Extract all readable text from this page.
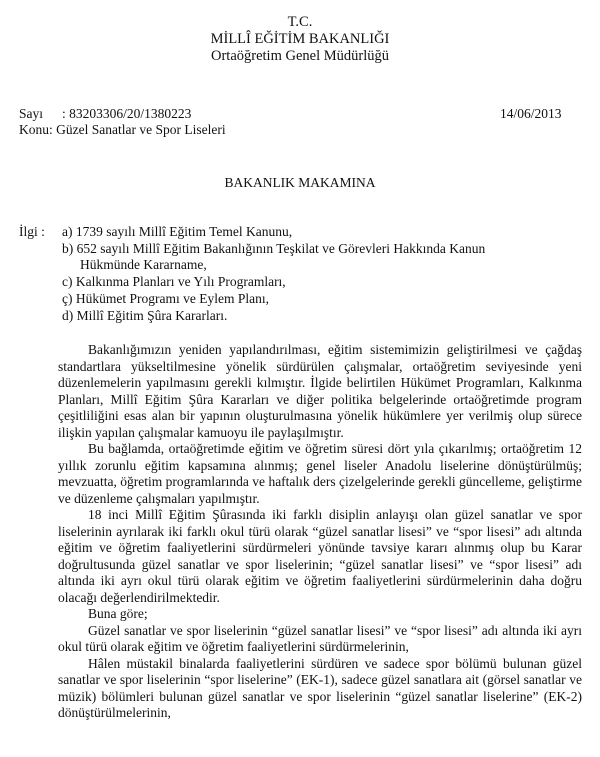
T.C.
MİLLÎ EĞİTİM BAKANLIĞI
Ortaöğretim Genel Müdürlüğü
Sayı : 83203306/20/1380223	14/06/2013
Konu: Güzel Sanatlar ve Spor Liseleri
BAKANLIK MAKAMINA
İlgi : a) 1739 sayılı Millî Eğitim Temel Kanunu,
b) 652 sayılı Millî Eğitim Bakanlığının Teşkilat ve Görevleri Hakkında Kanun
Hükmünde Kararname,
c) Kalkınma Planları ve Yılı Programları,
ç) Hükümet Programı ve Eylem Planı,
d) Millî Eğitim Şûra Kararları.

Bakanlığımızın yeniden yapılandırılması, eğitim sistemimizin geliştirilmesi ve çağdaş standartlara yükseltilmesine yönelik sürdürülen çalışmalar, ortaöğretim seviyesinde yeni düzenlemelerin yapılmasını gerekli kılmıştır. İlgide belirtilen Hükümet Programları, Kalkınma Planları, Millî Eğitim Şûra Kararları ve diğer politika belgelerinde ortaöğretimde program çeşitliliğini esas alan bir yapının oluşturulmasına yönelik hükümlere yer verilmiş olup sürece ilişkin yapılan çalışmalar kamuoyu ile paylaşılmıştır.

Bu bağlamda, ortaöğretimde eğitim ve öğretim süresi dört yıla çıkarılmış; ortaöğretim 12 yıllık zorunlu eğitim kapsamına alınmış; genel liseler Anadolu liselerine dönüştürülmüş; mevzuatta, öğretim programlarında ve haftalık ders çizelgelerinde gerekli güncelleme, geliştirme ve düzenleme çalışmaları yapılmıştır.

18 inci Millî Eğitim Şûrasında iki farklı disiplin anlayışı olan güzel sanatlar ve spor liselerinin ayrılarak iki farklı okul türü olarak “güzel sanatlar lisesi” ve “spor lisesi” adı altında eğitim ve öğretim faaliyetlerini sürdürmeleri yönünde tavsiye kararı alınmış olup bu Karar doğrultusunda güzel sanatlar ve spor liselerinin; “güzel sanatlar lisesi” ve “spor lisesi” adı altında iki ayrı okul türü olarak eğitim ve öğretim faaliyetlerini sürdürmelerinin daha doğru olacağı değerlendirilmektedir.

Buna göre;

Güzel sanatlar ve spor liselerinin “güzel sanatlar lisesi” ve “spor lisesi” adı altında iki ayrı okul türü olarak eğitim ve öğretim faaliyetlerini sürdürmelerinin,

Hâlen müstakil binalarda faaliyetlerini sürdüren ve sadece spor bölümü bulunan güzel sanatlar ve spor liselerinin “spor liselerine” (EK-1), sadece güzel sanatlara ait (görsel sanatlar ve müzik) bölümleri bulunan güzel sanatlar ve spor liselerinin “güzel sanatlar liselerine” (EK-2) dönüştürülmelerinin,
